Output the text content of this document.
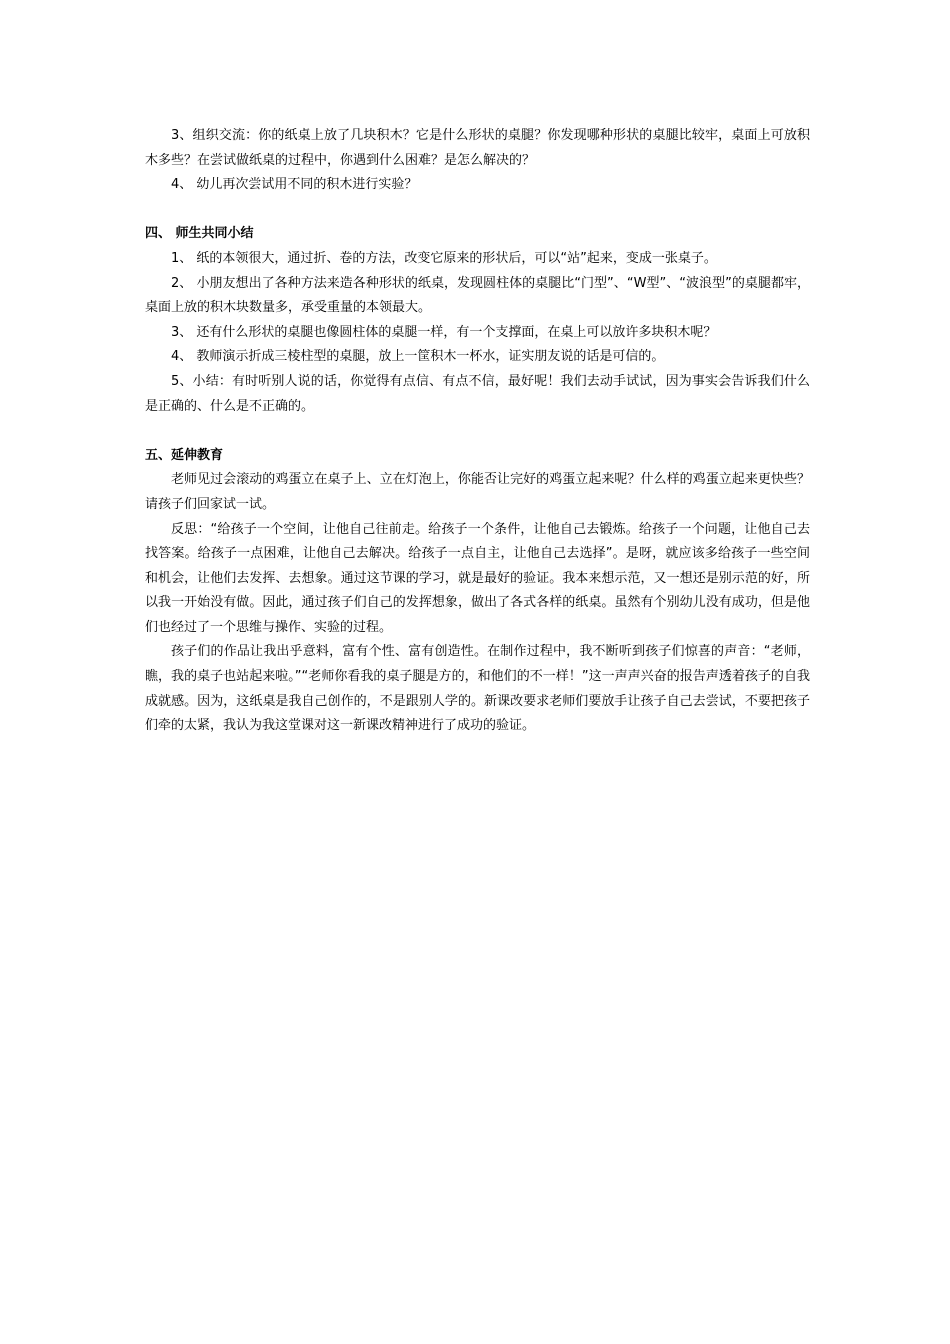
3、组织交流：你的纸桌上放了几块积木？它是什么形状的桌腿？你发现哪种形状的桌腿比较牢，桌面上可放积木多些？在尝试做纸桌的过程中，你遇到什么困难？是怎么解决的？

4、 幼儿再次尝试用不同的积木进行实验？

四、 师生共同小结

1、 纸的本领很大，通过折、卷的方法，改变它原来的形状后，可以“站”起来，变成一张桌子。

2、 小朋友想出了各种方法来造各种形状的纸桌，发现圆柱体的桌腿比“门型”、“W型”、“波浪型”的桌腿都牢，桌面上放的积木块数量多，承受重量的本领最大。

3、 还有什么形状的桌腿也像圆柱体的桌腿一样，有一个支撑面，在桌上可以放许多块积木呢？

4、 教师演示折成三棱柱型的桌腿，放上一筐积木一杯水，证实朋友说的话是可信的。

5、小结：有时听别人说的话，你觉得有点信、有点不信，最好呢！我们去动手试试，因为事实会告诉我们什么是正确的、什么是不正确的。

五、延伸教育

老师见过会滚动的鸡蛋立在桌子上、立在灯泡上，你能否让完好的鸡蛋立起来呢？什么样的鸡蛋立起来更快些？请孩子们回家试一试。

反思：“给孩子一个空间，让他自己往前走。给孩子一个条件，让他自己去锻炼。给孩子一个问题，让他自己去找答案。给孩子一点困难，让他自己去解决。给孩子一点自主，让他自己去选择”。是呀，就应该多给孩子一些空间和机会，让他们去发挥、去想象。通过这节课的学习，就是最好的验证。我本来想示范，又一想还是别示范的好，所以我一开始没有做。因此，通过孩子们自己的发挥想象，做出了各式各样的纸桌。虽然有个别幼儿没有成功，但是他们也经过了一个思维与操作、实验的过程。

孩子们的作品让我出乎意料，富有个性、富有创造性。在制作过程中，我不断听到孩子们惊喜的声音：“老师，瞧，我的桌子也站起来啦。”“老师你看我的桌子腿是方的，和他们的不一样！”这一声声兴奋的报告声透着孩子的自我成就感。因为，这纸桌是我自己创作的，不是跟别人学的。新课改要求老师们要放手让孩子自己去尝试，不要把孩子们牵的太紧，我认为我这堂课对这一新课改精神进行了成功的验证。
